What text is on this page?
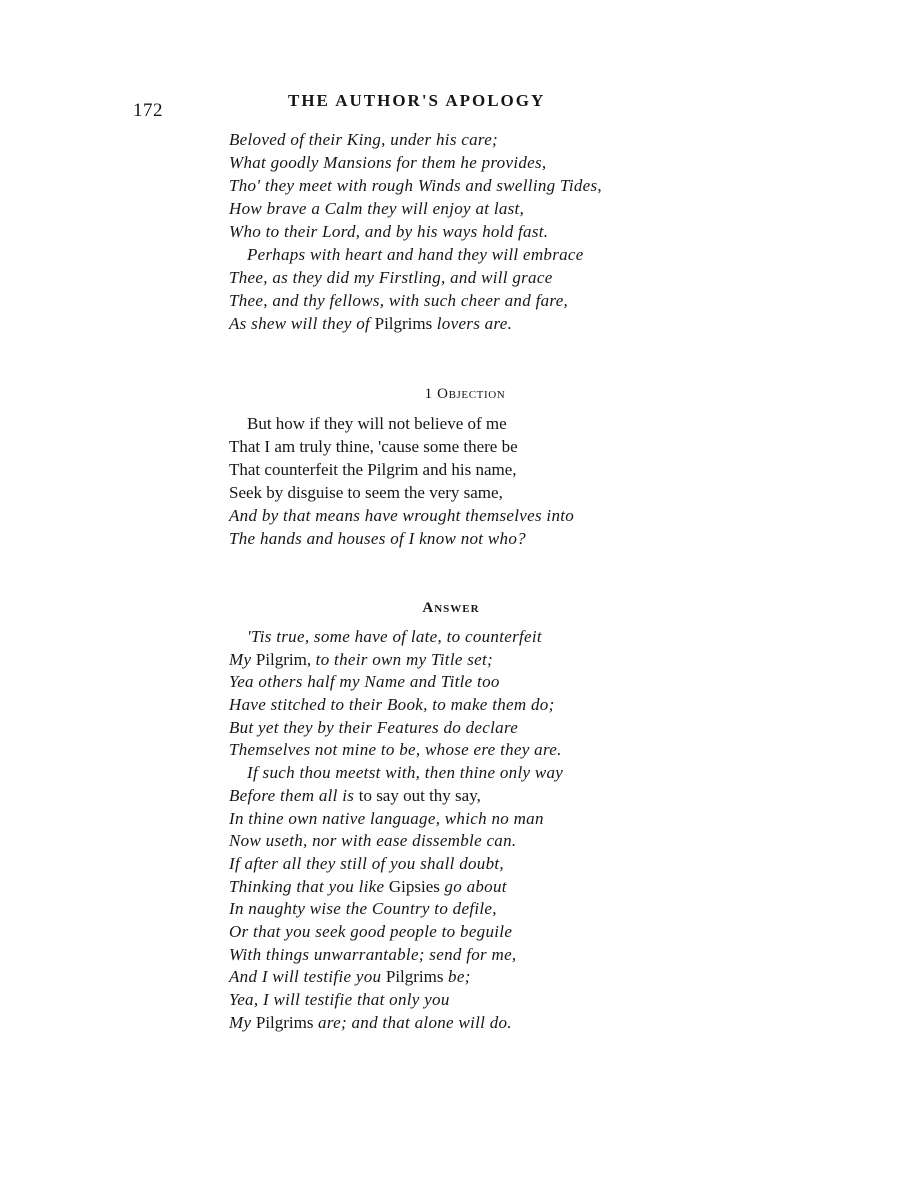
172	THE AUTHOR'S APOLOGY
Beloved of their King, under his care;
What goodly Mansions for them he provides,
Tho' they meet with rough Winds and swelling Tides,
How brave a Calm they will enjoy at last,
Who to their Lord, and by his ways hold fast.
Perhaps with heart and hand they will embrace
Thee, as they did my Firstling, and will grace
Thee, and thy fellows, with such cheer and fare,
As shew will they of Pilgrims lovers are.
1 Objection
But how if they will not believe of me
That I am truly thine, 'cause some there be
That counterfeit the Pilgrim and his name,
Seek by disguise to seem the very same,
And by that means have wrought themselves into
The hands and houses of I know not who?
Answer
'Tis true, some have of late, to counterfeit
My Pilgrim, to their own my Title set;
Yea others half my Name and Title too
Have stitched to their Book, to make them do;
But yet they by their Features do declare
Themselves not mine to be, whose ere they are.
If such thou meetst with, then thine only way
Before them all is to say out thy say,
In thine own native language, which no man
Now useth, nor with ease dissemble can.
If after all they still of you shall doubt,
Thinking that you like Gipsies go about
In naughty wise the Country to defile,
Or that you seek good people to beguile
With things unwarrantable; send for me,
And I will testifie you Pilgrims be;
Yea, I will testifie that only you
My Pilgrims are; and that alone will do.
